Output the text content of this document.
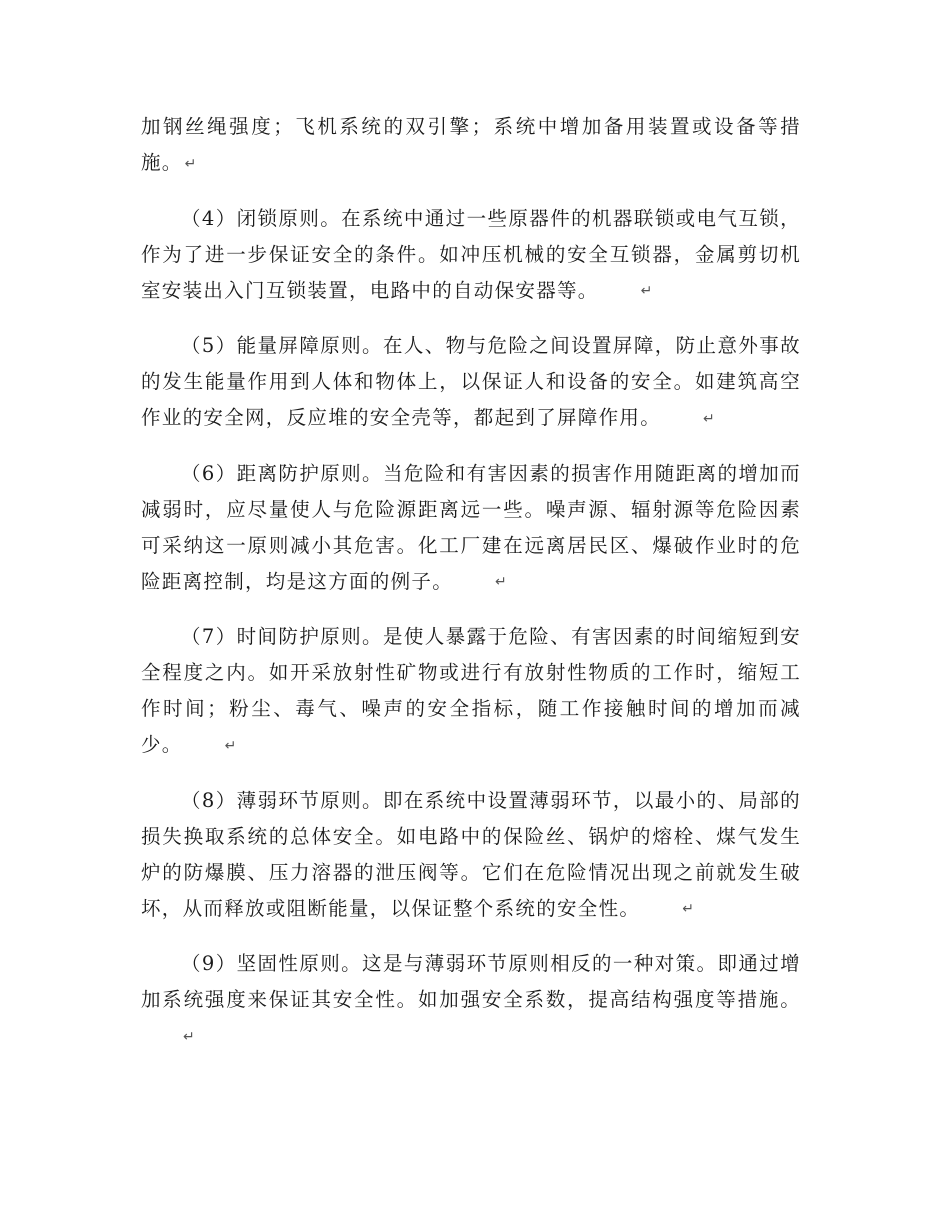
加钢丝绳强度；飞机系统的双引擎；系统中增加备用装置或设备等措施。 ↵

（4）闭锁原则。在系统中通过一些原器件的机器联锁或电气互锁，作为了进一步保证安全的条件。如冲压机械的安全互锁器，金属剪切机室安装出入门互锁装置，电路中的自动保安器等。	↵

（5）能量屏障原则。在人、物与危险之间设置屏障，防止意外事故的发生能量作用到人体和物体上，以保证人和设备的安全。如建筑高空作业的安全网，反应堆的安全壳等，都起到了屏障作用。	↵

（6）距离防护原则。当危险和有害因素的损害作用随距离的增加而减弱时，应尽量使人与危险源距离远一些。噪声源、辐射源等危险因素可采纳这一原则减小其危害。化工厂建在远离居民区、爆破作业时的危险距离控制，均是这方面的例子。	↵

（7）时间防护原则。是使人暴露于危险、有害因素的时间缩短到安全程度之内。如开采放射性矿物或进行有放射性物质的工作时，缩短工作时间；粉尘、毒气、噪声的安全指标，随工作接触时间的增加而减少。	↵

（8）薄弱环节原则。即在系统中设置薄弱环节，以最小的、局部的损失换取系统的总体安全。如电路中的保险丝、锅炉的熔栓、煤气发生炉的防爆膜、压力溶器的泄压阀等。它们在危险情况出现之前就发生破坏，从而释放或阻断能量，以保证整个系统的安全性。	↵

（9）坚固性原则。这是与薄弱环节原则相反的一种对策。即通过增加系统强度来保证其安全性。如加强安全系数，提高结构强度等措施。↵
